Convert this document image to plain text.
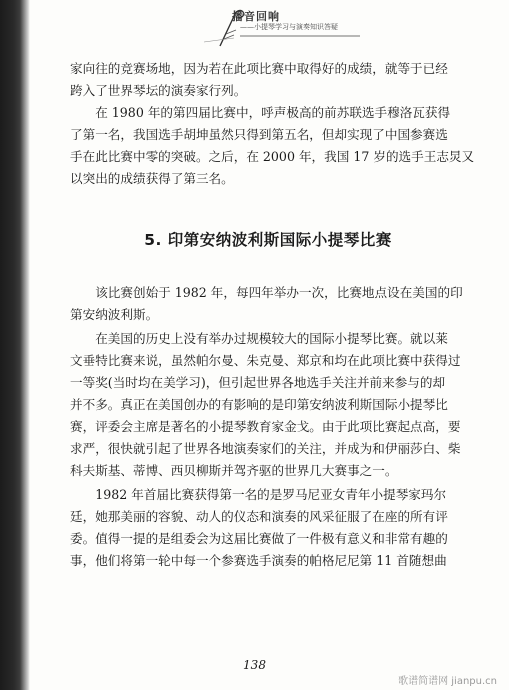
播音回响
——小提琴学习与演奏知识答疑

家向往的竞赛场地，因为若在此项比赛中取得好的成绩，就等于已经

跨入了世界琴坛的演奏家行列。

在 1980 年的第四届比赛中，呼声极高的前苏联选手穆洛瓦获得

了第一名，我国选手胡坤虽然只得到第五名，但却实现了中国参赛选

手在此比赛中零的突破。之后，在 2000 年，我国 17 岁的选手王志炅又

以突出的成绩获得了第三名。

5. 印第安纳波利斯国际小提琴比赛

该比赛创始于 1982 年，每四年举办一次，比赛地点设在美国的印

第安纳波利斯。

在美国的历史上没有举办过规模较大的国际小提琴比赛。就以莱

文垂特比赛来说，虽然帕尔曼、朱克曼、郑京和均在此项比赛中获得过

一等奖(当时均在美学习)，但引起世界各地选手关注并前来参与的却

并不多。真正在美国创办的有影响的是印第安纳波利斯国际小提琴比

赛，评委会主席是著名的小提琴教育家金戈。由于此项比赛起点高，要

求严，很快就引起了世界各地演奏家们的关注，并成为和伊丽莎白、柴

科夫斯基、蒂博、西贝柳斯并驾齐驱的世界几大赛事之一。

1982 年首届比赛获得第一名的是罗马尼亚女青年小提琴家玛尔

廷，她那美丽的容貌、动人的仪态和演奏的风采征服了在座的所有评

委。值得一提的是组委会为这届比赛做了一件极有意义和非常有趣的

事，他们将第一轮中每一个参赛选手演奏的帕格尼尼第 11 首随想曲

138
歌谱简谱网 jianpu.cn
